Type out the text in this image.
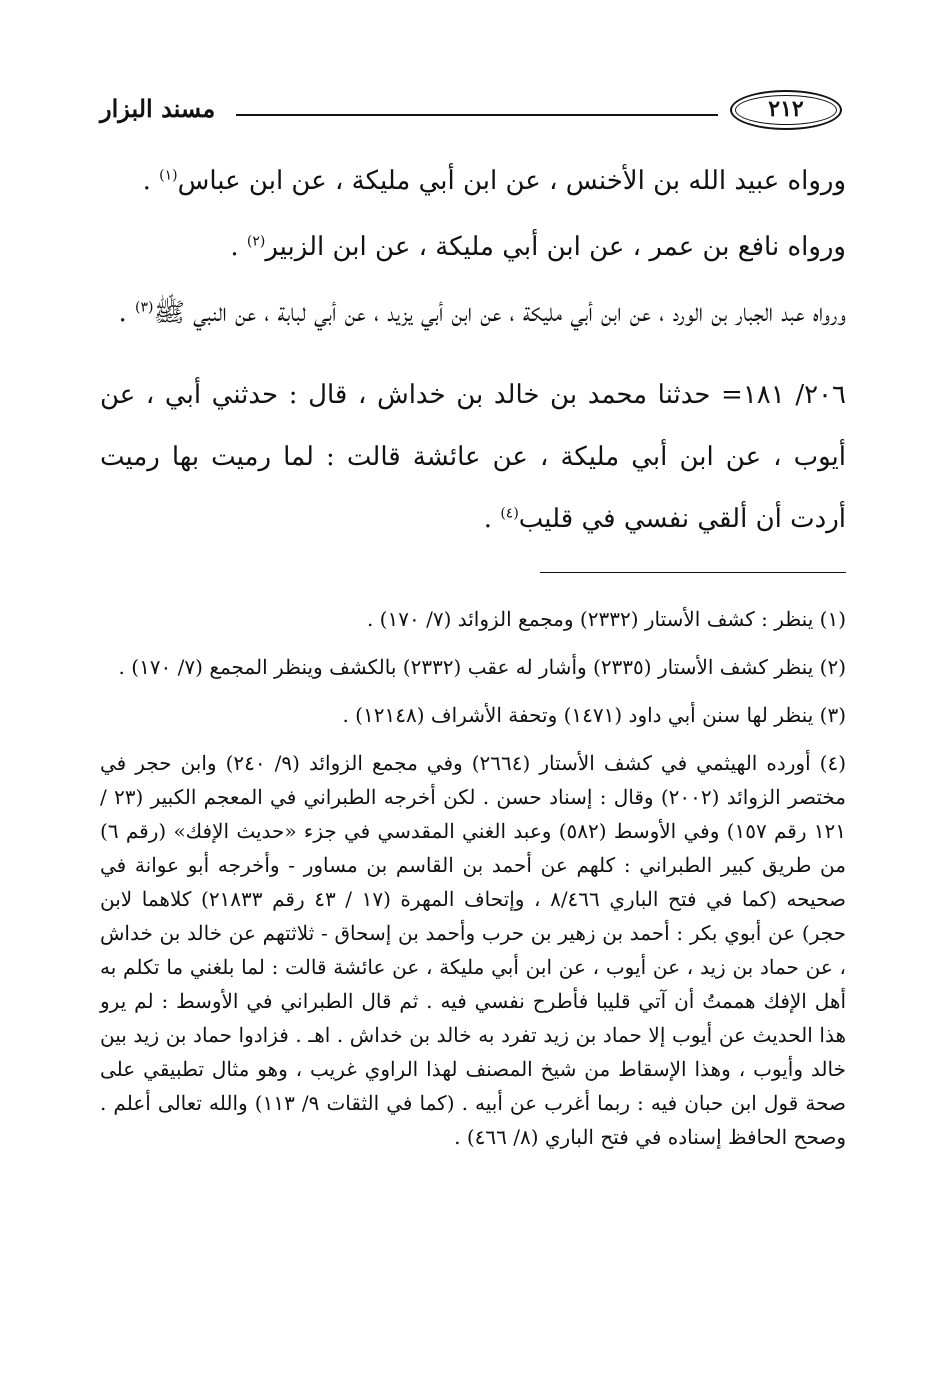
مسند البزار	٢١٢

ورواه عبيد الله بن الأخنس ، عن ابن أبي مليكة ، عن ابن عباس$^{(١)}$ .

ورواه نافع بن عمر ، عن ابن أبي مليكة ، عن ابن الزبير$^{(٢)}$ .

ورواه عبد الجبار بن الورد ، عن ابن أبي مليكة ، عن ابن أبي يزيد ، عن أبي لبابة ، عن النبي ﷺ$^{(٣)}$ .

٢٠٦/ ١٨١= حدثنا محمد بن خالد بن خداش ، قال : حدثني أبي ، عن أيوب ، عن ابن أبي مليكة ، عن عائشة قالت : لما رميت بها رميت أردت أن ألقي نفسي في قليب$^{(٤)}$ .

(١) ينظر : كشف الأستار (٢٣٣٢) ومجمع الزوائد (٧/ ١٧٠) .

(٢) ينظر كشف الأستار (٢٣٣٥) وأشار له عقب (٢٣٣٢) بالكشف وينظر المجمع (٧/ ١٧٠) .

(٣) ينظر لها سنن أبي داود (١٤٧١) وتحفة الأشراف (١٢١٤٨) .

(٤) أورده الهيثمي في كشف الأستار (٢٦٦٤) وفي مجمع الزوائد (٩/ ٢٤٠) وابن حجر في مختصر الزوائد (٢٠٠٢) وقال : إسناد حسن . لكن أخرجه الطبراني في المعجم الكبير (٢٣ / ١٢١ رقم ١٥٧) وفي الأوسط (٥٨٢) وعبد الغني المقدسي في جزء «حديث الإفك» (رقم ٦) من طريق كبير الطبراني : كلهم عن أحمد بن القاسم بن مساور - وأخرجه أبو عوانة في صحيحه (كما في فتح الباري ٨/٤٦٦ ، وإتحاف المهرة (١٧ / ٤٣ رقم ٢١٨٣٣) كلاهما لابن حجر) عن أبوي بكر : أحمد بن زهير بن حرب وأحمد بن إسحاق - ثلاثتهم عن خالد بن خداش ، عن حماد بن زيد ، عن أيوب ، عن ابن أبي مليكة ، عن عائشة قالت : لما بلغني ما تكلم به أهل الإفك هممتُ أن آتي قليبا فأطرح نفسي فيه . ثم قال الطبراني في الأوسط : لم يرو هذا الحديث عن أيوب إلا حماد بن زيد تفرد به خالد بن خداش . اهـ . فزادوا حماد بن زيد بين خالد وأيوب ، وهذا الإسقاط من شيخ المصنف لهذا الراوي غريب ، وهو مثال تطبيقي على صحة قول ابن حبان فيه : ربما أغرب عن أبيه . (كما في الثقات ٩/ ١١٣) والله تعالى أعلم . وصحح الحافظ إسناده في فتح الباري (٨/ ٤٦٦) .
